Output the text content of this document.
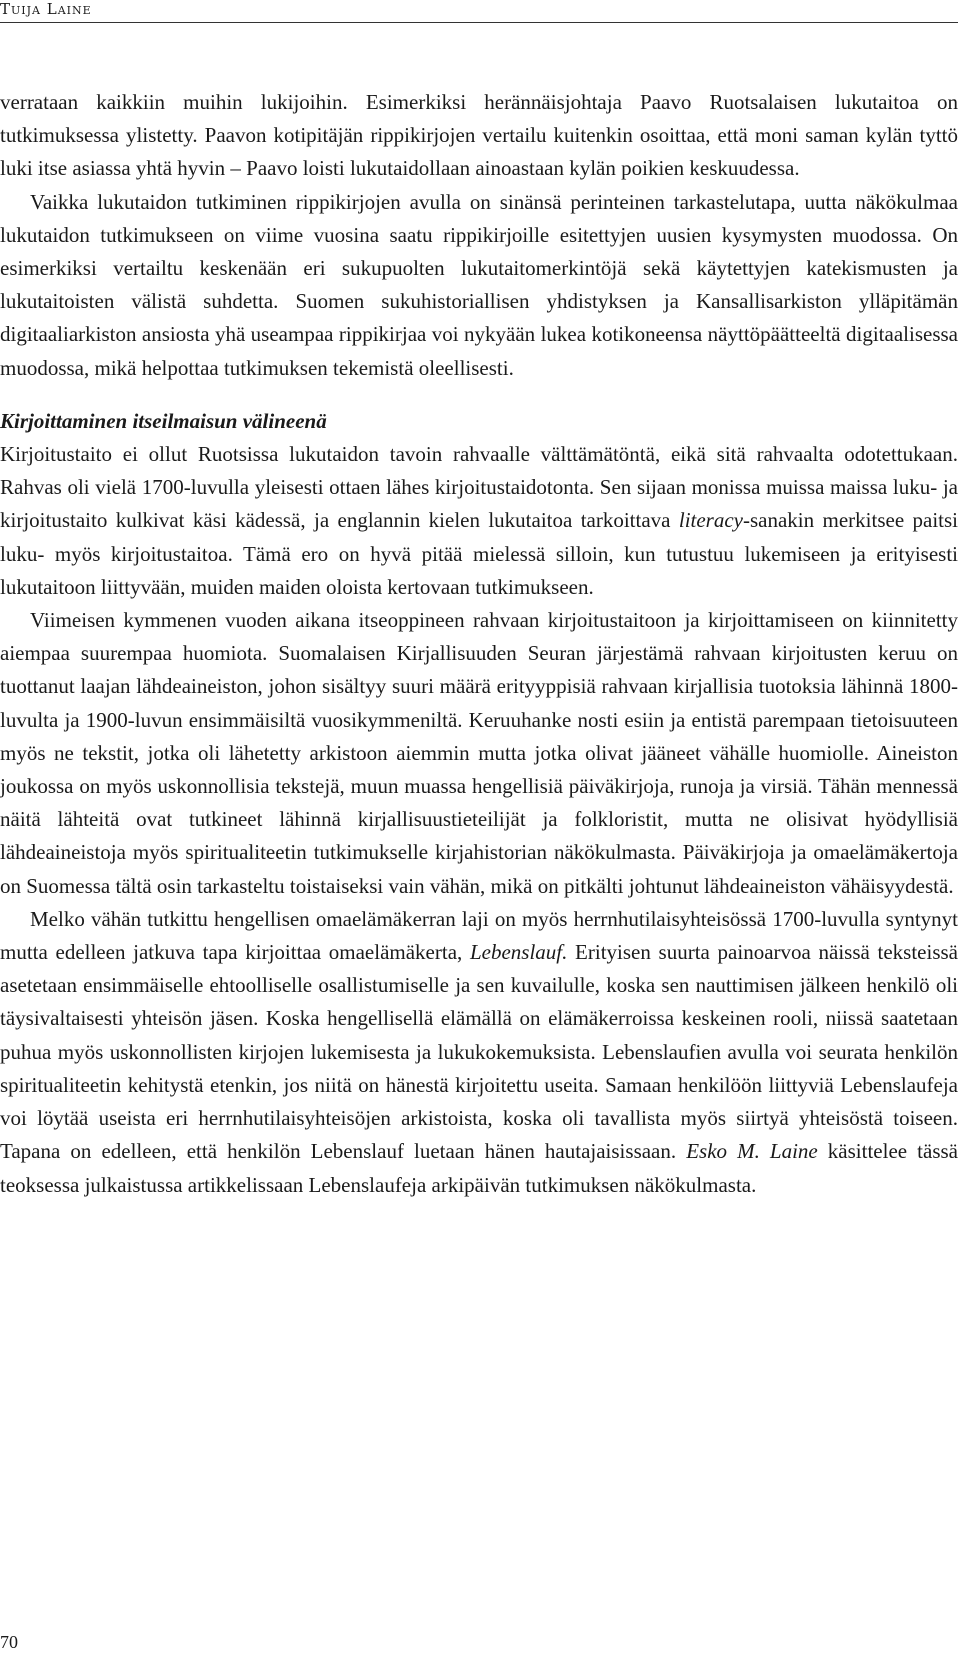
Tuija Laine

verrataan kaikkiin muihin lukijoihin. Esimerkiksi herännäisjohtaja Paavo Ruotsalaisen lukutaitoa on tutkimuksessa ylistetty. Paavon kotipitäjän rippikirjojen vertailu kuitenkin osoittaa, että moni saman kylän tyttö luki itse asiassa yhtä hyvin – Paavo loisti lukutaidollaan ainoastaan kylän poikien keskuudessa.

Vaikka lukutaidon tutkiminen rippikirjojen avulla on sinänsä perinteinen tarkastelutapa, uutta näkökulmaa lukutaidon tutkimukseen on viime vuosina saatu rippikirjoille esitettyjen uusien kysymysten muodossa. On esimerkiksi vertailtu keskenään eri sukupuolten lukutaitomerkintöjä sekä käytettyjen katekismusten ja lukutaitoisten välistä suhdetta. Suomen sukuhistoriallisen yhdistyksen ja Kansallisarkiston ylläpitämän digitaaliarkiston ansiosta yhä useampaa rippikirjaa voi nykyään lukea kotikoneensa näyttöpäätteeltä digitaalisessa muodossa, mikä helpottaa tutkimuksen tekemistä oleellisesti.

Kirjoittaminen itseilmaisun välineenä

Kirjoitustaito ei ollut Ruotsissa lukutaidon tavoin rahvaalle välttämätöntä, eikä sitä rahvaalta odotettukaan. Rahvas oli vielä 1700-luvulla yleisesti ottaen lähes kirjoitustaidotonta. Sen sijaan monissa muissa maissa luku- ja kirjoitustaito kulkivat käsi kädessä, ja englannin kielen lukutaitoa tarkoittava literacy-sanakin merkitsee paitsi luku- myös kirjoitustaitoa. Tämä ero on hyvä pitää mielessä silloin, kun tutustuu lukemiseen ja erityisesti lukutaitoon liittyvään, muiden maiden oloista kertovaan tutkimukseen.

Viimeisen kymmenen vuoden aikana itseoppineen rahvaan kirjoitustaitoon ja kirjoittamiseen on kiinnitetty aiempaa suurempaa huomiota. Suomalaisen Kirjallisuuden Seuran järjestämä rahvaan kirjoitusten keruu on tuottanut laajan lähdeaineiston, johon sisältyy suuri määrä erityyppisiä rahvaan kirjallisia tuotoksia lähinnä 1800-luvulta ja 1900-luvun ensimmäisiltä vuosikymmeniltä. Keruuhanke nosti esiin ja entistä parempaan tietoisuuteen myös ne tekstit, jotka oli lähetetty arkistoon aiemmin mutta jotka olivat jääneet vähälle huomiolle. Aineiston joukossa on myös uskonnollisia tekstejä, muun muassa hengellisiä päiväkirjoja, runoja ja virsiä. Tähän mennessä näitä lähteitä ovat tutkineet lähinnä kirjallisuustieteilijät ja folkloristit, mutta ne olisivat hyödyllisiä lähdeaineistoja myös spiritualiteetin tutkimukselle kirjahistorian näkökulmasta. Päiväkirjoja ja omaelämäkertoja on Suomessa tältä osin tarkasteltu toistaiseksi vain vähän, mikä on pitkälti johtunut lähdeaineiston vähäisyydestä.

Melko vähän tutkittu hengellisen omaelämäkerran laji on myös herrnhutilaisyhteisössä 1700-luvulla syntynyt mutta edelleen jatkuva tapa kirjoittaa omaelämäkerta, Lebenslauf. Erityisen suurta painoarvoa näissä teksteissä asetetaan ensimmäiselle ehtoolliselle osallistumiselle ja sen kuvailulle, koska sen nauttimisen jälkeen henkilö oli täysivaltaisesti yhteisön jäsen. Koska hengellisellä elämällä on elämäkerroissa keskeinen rooli, niissä saatetaan puhua myös uskonnollisten kirjojen lukemisesta ja lukukokemuksista. Lebenslaufien avulla voi seurata henkilön spiritualiteetin kehitystä etenkin, jos niitä on hänestä kirjoitettu useita. Samaan henkilöön liittyviä Lebenslaufeja voi löytää useista eri herrnhutilaisyhteisöjen arkistoista, koska oli tavallista myös siirtyä yhteisöstä toiseen. Tapana on edelleen, että henkilön Lebenslauf luetaan hänen hautajaisissaan. Esko M. Laine käsittelee tässä teoksessa julkaistussa artikkelissaan Lebenslaufeja arkipäivän tutkimuksen näkökulmasta.

70
